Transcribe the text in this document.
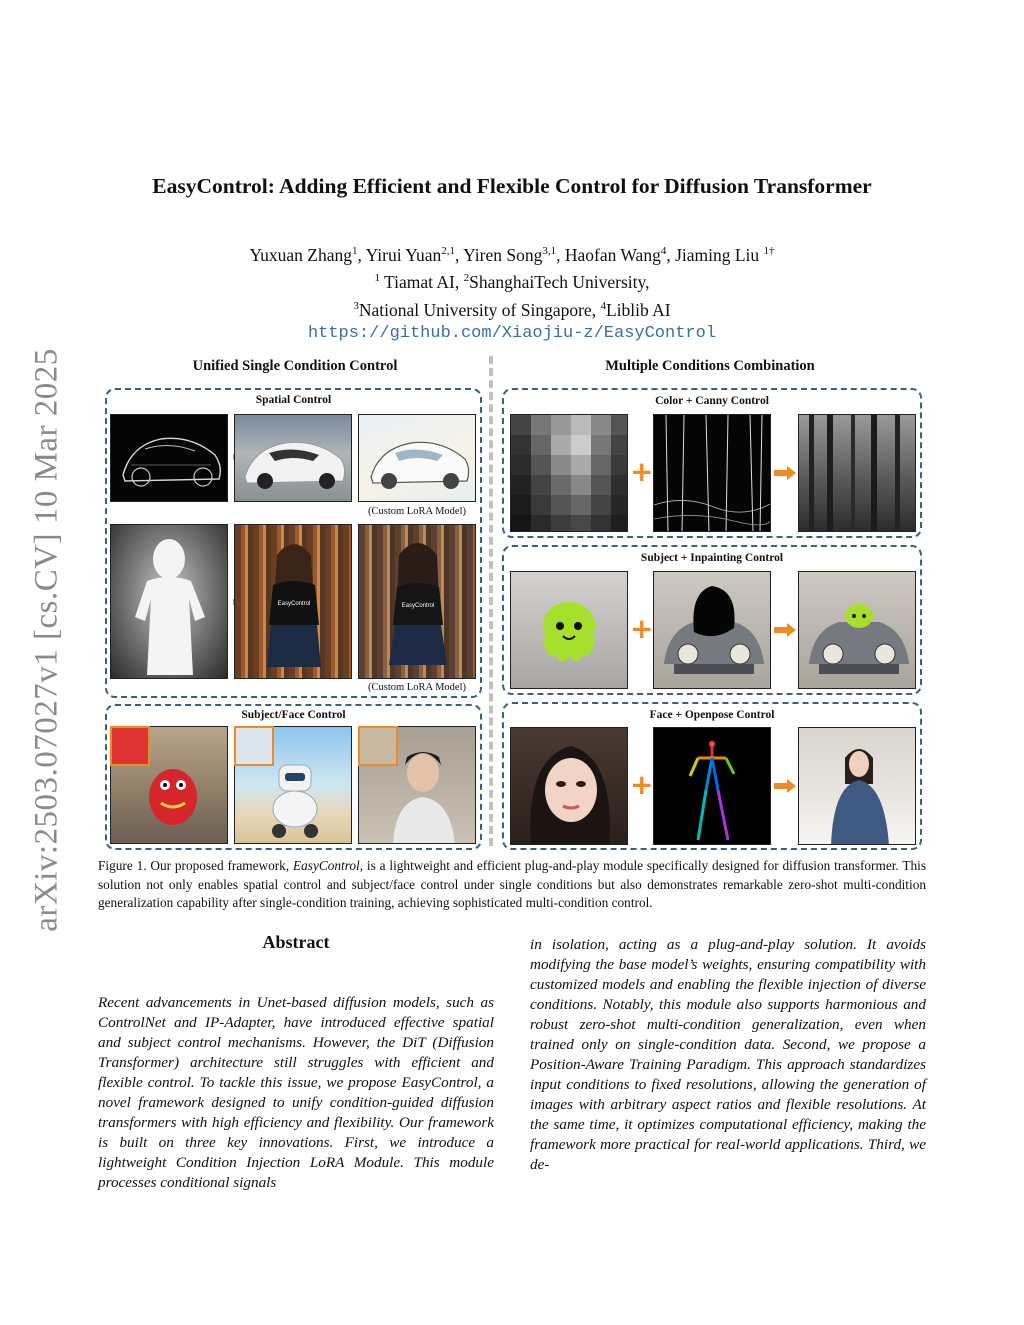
arXiv:2503.07027v1 [cs.CV] 10 Mar 2025
EasyControl: Adding Efficient and Flexible Control for Diffusion Transformer
Yuxuan Zhang$^1$, Yirui Yuan$^{2,1}$, Yiren Song$^{3,1}$, Haofan Wang$^4$, Jiaming Liu $^{1\dagger}$
$^1$ Tiamat AI, $^2$ShanghaiTech University,
$^3$National University of Singapore, $^4$Liblib AI
https://github.com/Xiaojiu-z/EasyControl
Unified Single Condition Control	Multiple Conditions Combination
Spatial Control
(Custom LoRA Model)
EasyControl	EasyControl
(Custom LoRA Model)
Subject/Face Control
Color + Canny Control
+
Subject + Inpainting Control
+
Face + Openpose Control
+
Figure 1. Our proposed framework, EasyControl, is a lightweight and efficient plug-and-play module specifically designed for diffusion transformer. This solution not only enables spatial control and subject/face control under single conditions but also demonstrates remarkable zero-shot multi-condition generalization capability after single-condition training, achieving sophisticated multi-condition control.
Abstract
Recent advancements in Unet-based diffusion models, such as ControlNet and IP-Adapter, have introduced effective spatial and subject control mechanisms. However, the DiT (Diffusion Transformer) architecture still struggles with efficient and flexible control. To tackle this issue, we propose EasyControl, a novel framework designed to unify condition-guided diffusion transformers with high efficiency and flexibility. Our framework is built on three key innovations. First, we introduce a lightweight Condition Injection LoRA Module. This module processes conditional signals
in isolation, acting as a plug-and-play solution. It avoids modifying the base model’s weights, ensuring compatibility with customized models and enabling the flexible injection of diverse conditions. Notably, this module also supports harmonious and robust zero-shot multi-condition generalization, even when trained only on single-condition data. Second, we propose a Position-Aware Training Paradigm. This approach standardizes input conditions to fixed resolutions, allowing the generation of images with arbitrary aspect ratios and flexible resolutions. At the same time, it optimizes computational efficiency, making the framework more practical for real-world applications. Third, we de-
